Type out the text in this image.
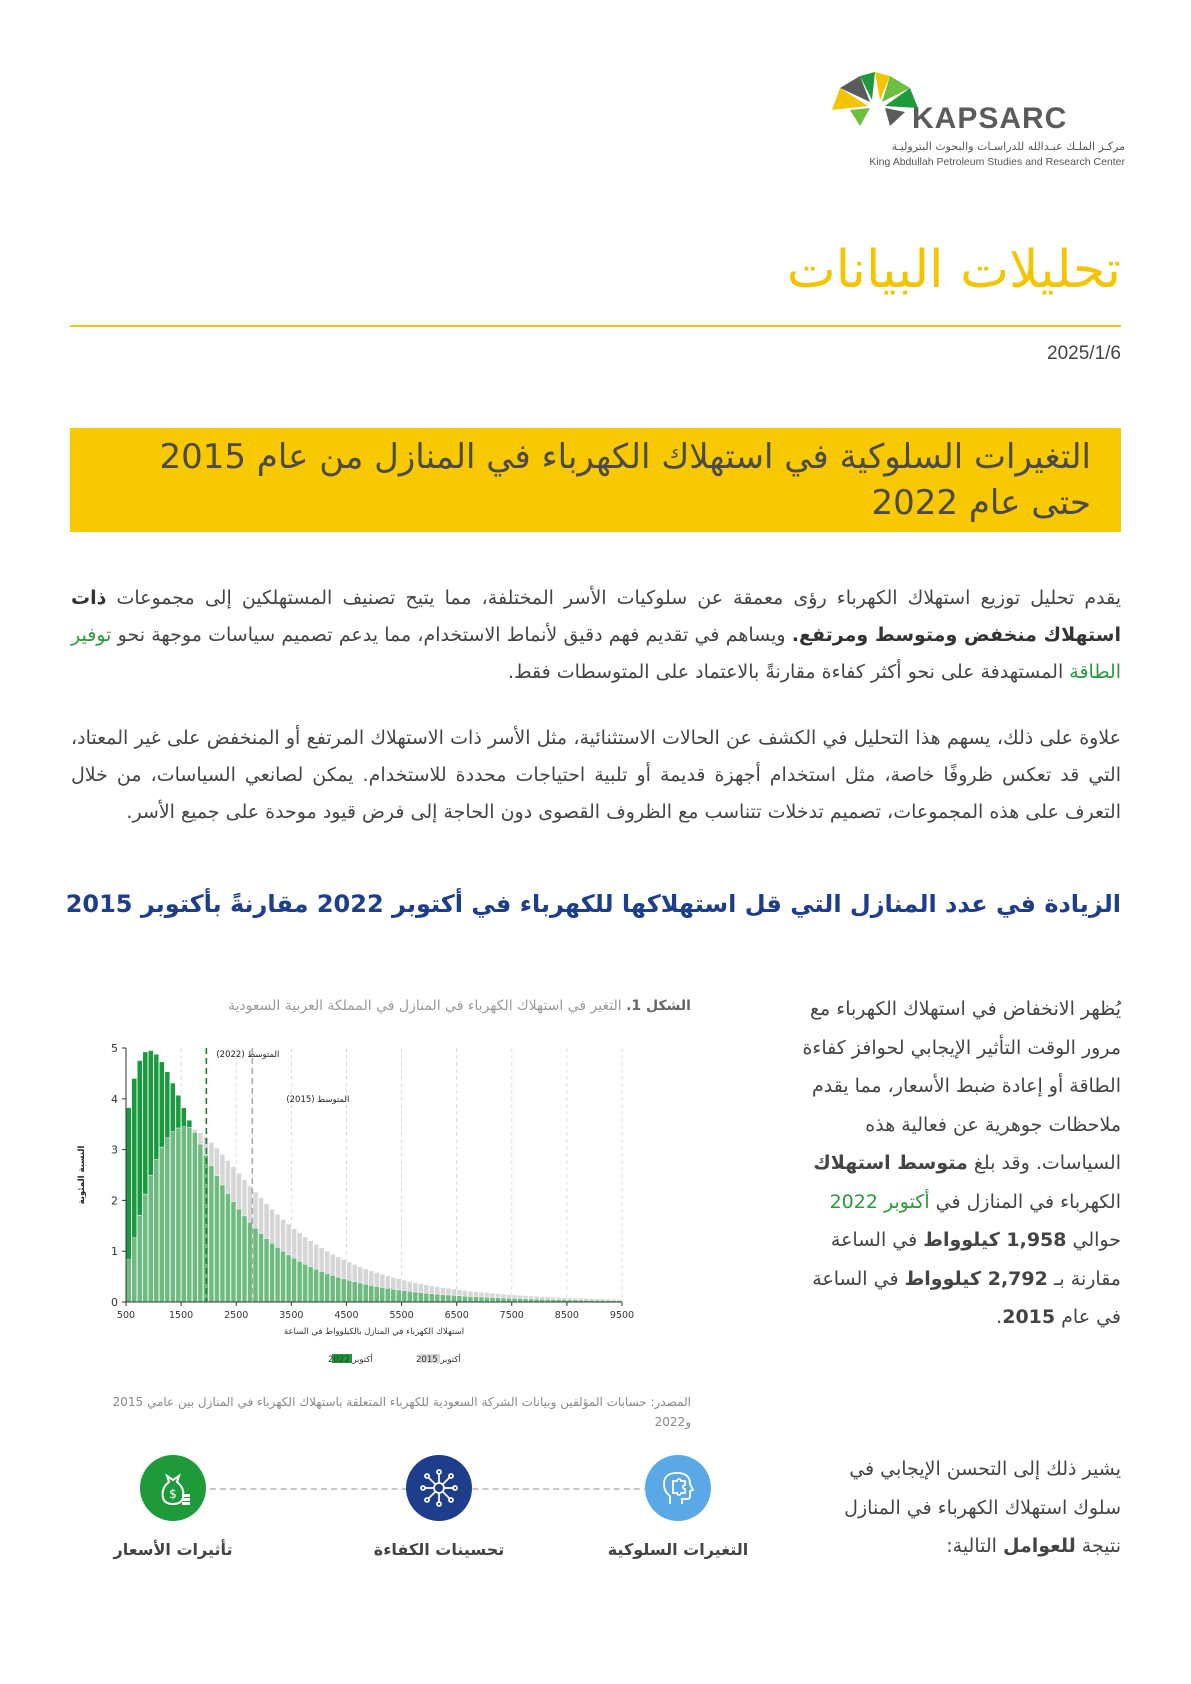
KAPSARC
مركـز الملـك عبـدالله للدراسـات والبحوث البتروليـة
King Abdullah Petroleum Studies and Research Center
تحليلات البيانات
2025/1/6
التغيرات السلوكية في استهلاك الكهرباء في المنازل من عام 2015 حتى عام 2022
يقدم تحليل توزيع استهلاك الكهرباء رؤى معمقة عن سلوكيات الأسر المختلفة، مما يتيح تصنيف المستهلكين إلى مجموعات ذات استهلاك منخفض ومتوسط ومرتفع. ويساهم في تقديم فهم دقيق لأنماط الاستخدام، مما يدعم تصميم سياسات موجهة نحو توفير الطاقة المستهدفة على نحو أكثر كفاءة مقارنةً بالاعتماد على المتوسطات فقط.
علاوة على ذلك، يسهم هذا التحليل في الكشف عن الحالات الاستثنائية، مثل الأسر ذات الاستهلاك المرتفع أو المنخفض على غير المعتاد، التي قد تعكس ظروفًا خاصة، مثل استخدام أجهزة قديمة أو تلبية احتياجات محددة للاستخدام. يمكن لصانعي السياسات، من خلال التعرف على هذه المجموعات، تصميم تدخلات تتناسب مع الظروف القصوى دون الحاجة إلى فرض قيود موحدة على جميع الأسر.
الزيادة في عدد المنازل التي قل استهلاكها للكهرباء في أكتوبر 2022 مقارنةً بأكتوبر 2015
يُظهر الانخفاض في استهلاك الكهرباء مع مرور الوقت التأثير الإيجابي لحوافز كفاءة الطاقة أو إعادة ضبط الأسعار، مما يقدم ملاحظات جوهرية عن فعالية هذه السياسات. وقد بلغ متوسط استهلاك الكهرباء في المنازل في أكتوبر 2022 حوالي 1,958 كيلوواط في الساعة مقارنة بـ 2,792 كيلوواط في الساعة في عام 2015.
يشير ذلك إلى التحسن الإيجابي في سلوك استهلاك الكهرباء في المنازل نتيجة للعوامل التالية:
الشكل 1. التغير في استهلاك الكهرباء في المنازل في المملكة العربية السعودية
0
1
2
3
4
5
500	1500	2500	3500	4500	5500	6500	7500	8500	9500
المتوسط (2022)
المتوسط (2015)
استهلاك الكهرباء في المنازل بالكيلوواط في الساعة
النسبة المئوية
أكتوبر 2022	أكتوبر 2015
المصدر: حسابات المؤلفين وبيانات الشركة السعودية للكهرباء المتعلقة باستهلاك الكهرباء في المنازل بين عامي 2015 و2022
$
تأثيرات الأسعار	تحسينات الكفاءة	التغيرات السلوكية
